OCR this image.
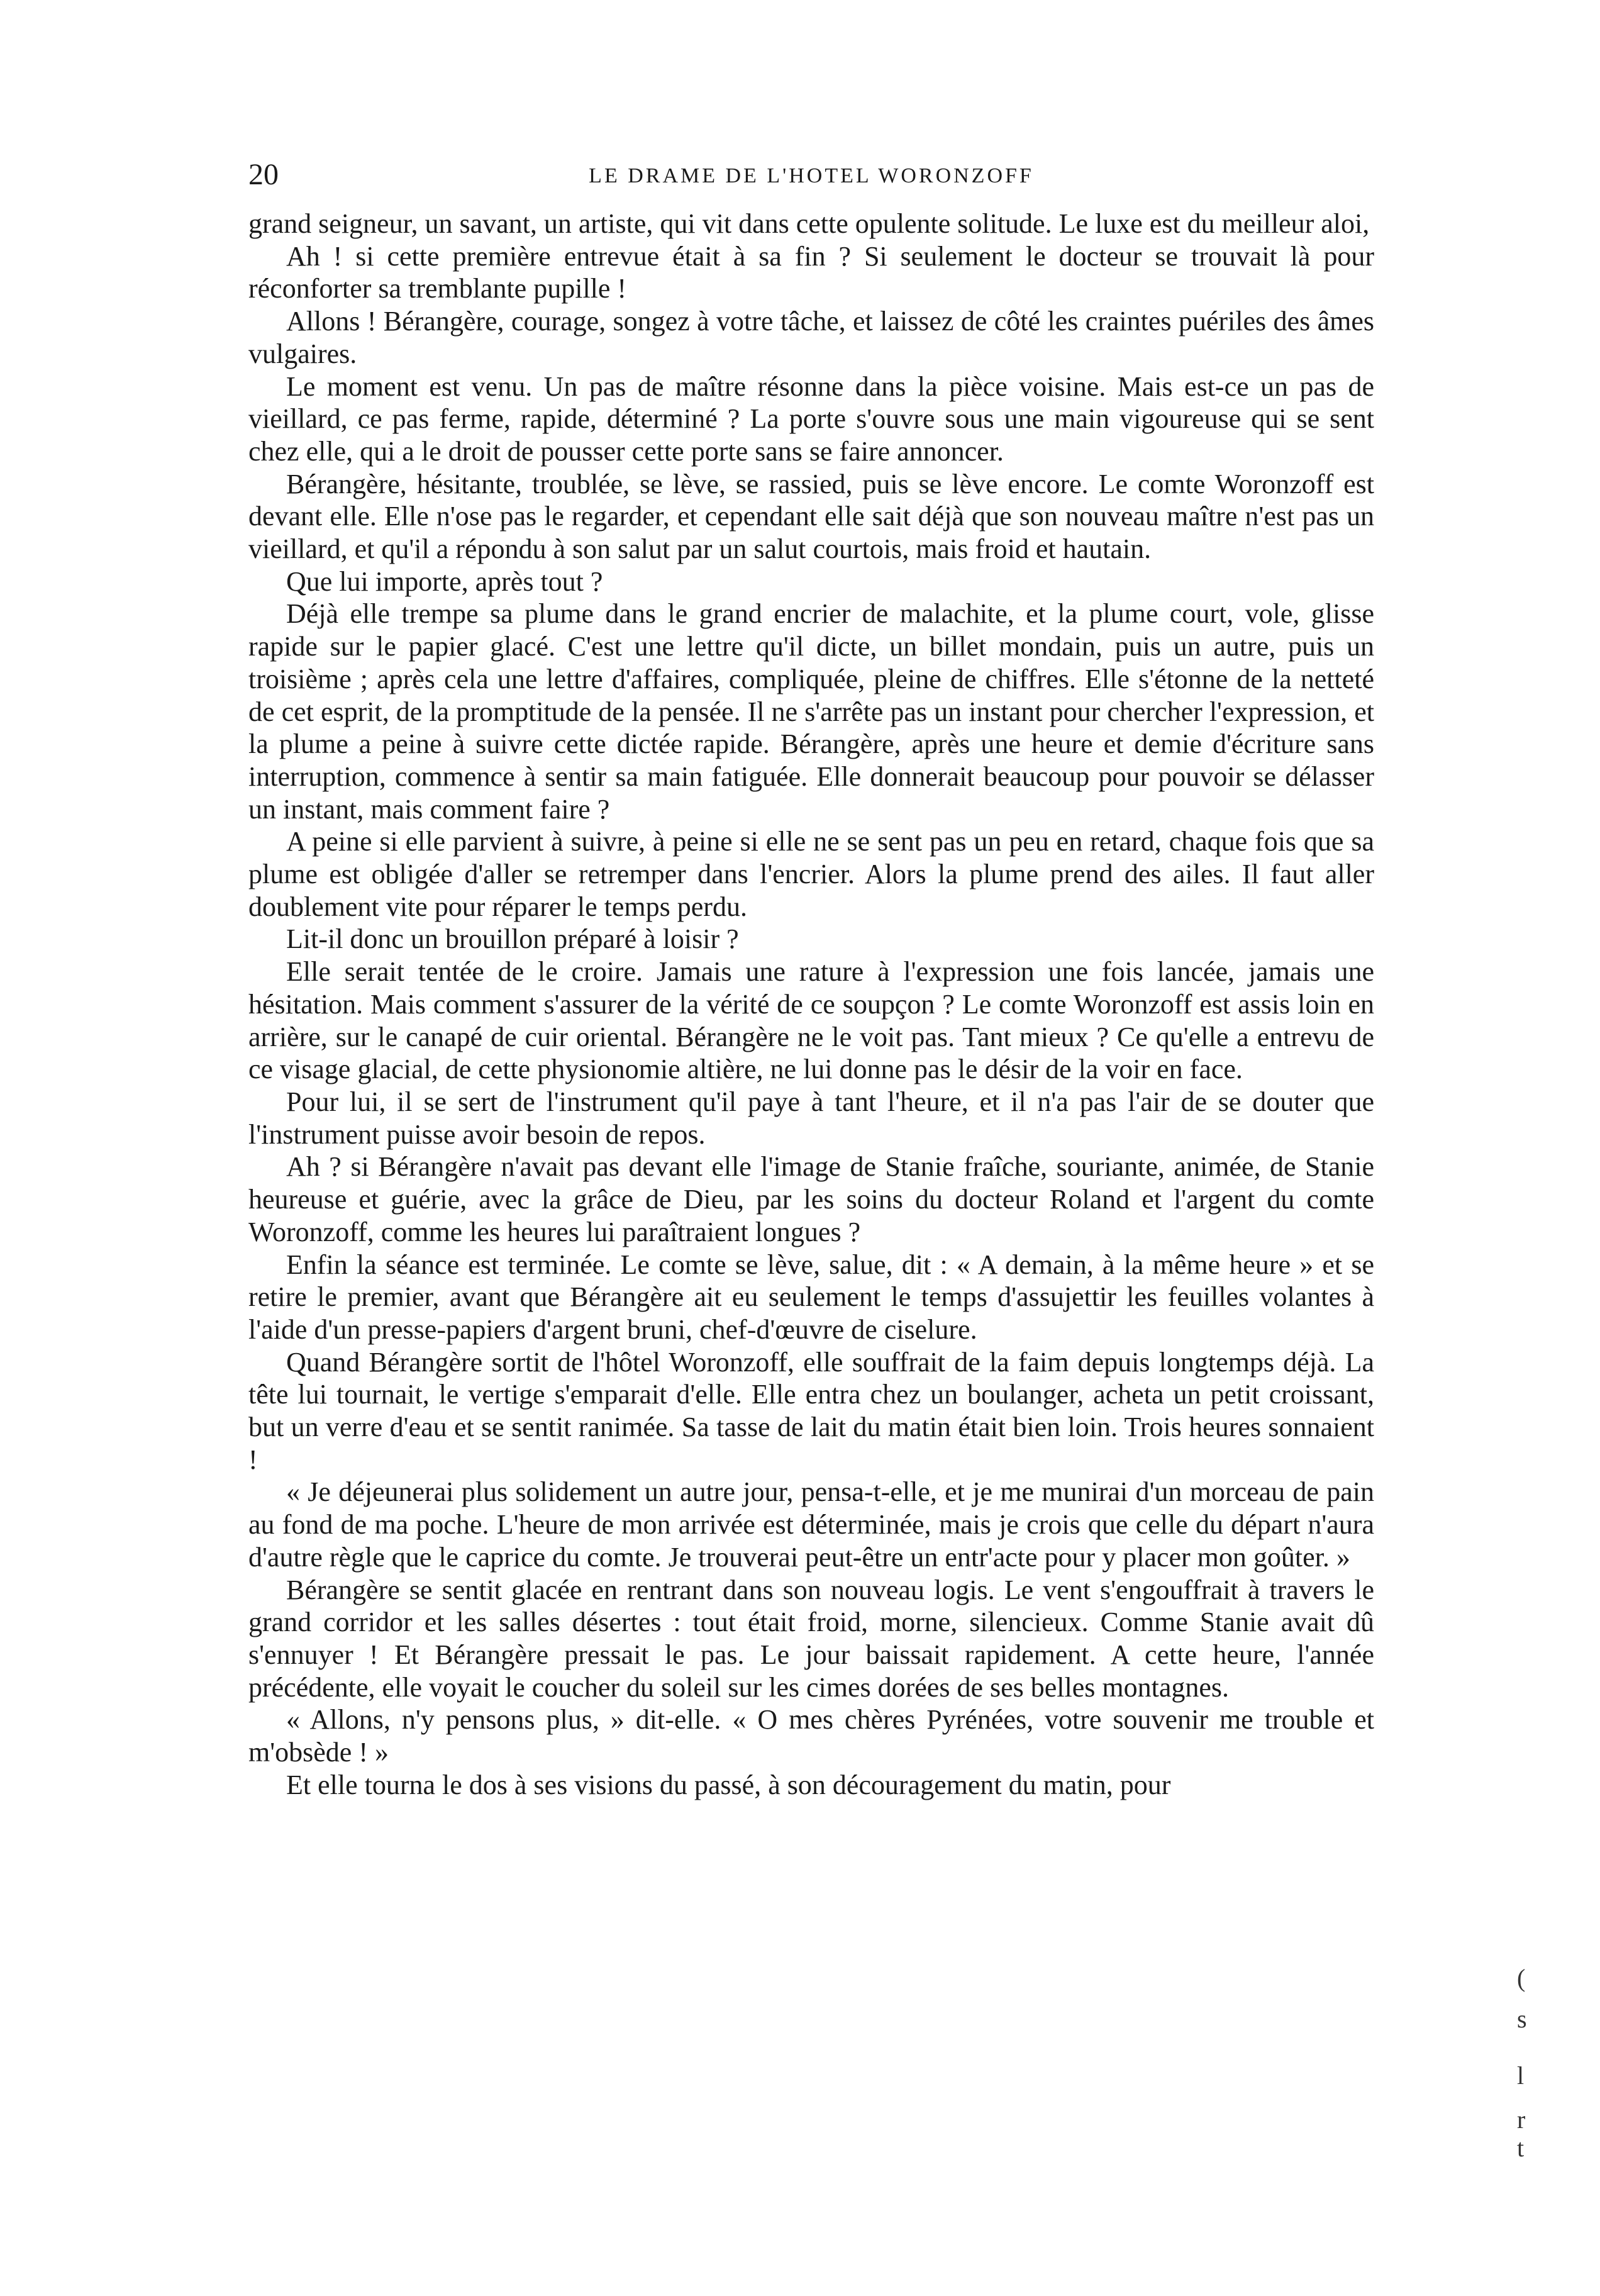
20	LE DRAME DE L'HOTEL WORONZOFF

grand seigneur, un savant, un artiste, qui vit dans cette opulente solitude. Le luxe est du meilleur aloi,

Ah ! si cette première entrevue était à sa fin ? Si seulement le docteur se trouvait là pour réconforter sa tremblante pupille !

Allons ! Bérangère, courage, songez à votre tâche, et laissez de côté les craintes puériles des âmes vulgaires.

Le moment est venu. Un pas de maître résonne dans la pièce voisine. Mais est-ce un pas de vieillard, ce pas ferme, rapide, déterminé ? La porte s'ouvre sous une main vigoureuse qui se sent chez elle, qui a le droit de pousser cette porte sans se faire annoncer.

Bérangère, hésitante, troublée, se lève, se rassied, puis se lève encore. Le comte Woronzoff est devant elle. Elle n'ose pas le regarder, et cependant elle sait déjà que son nouveau maître n'est pas un vieillard, et qu'il a répondu à son salut par un salut courtois, mais froid et hautain.

Que lui importe, après tout ?

Déjà elle trempe sa plume dans le grand encrier de malachite, et la plume court, vole, glisse rapide sur le papier glacé. C'est une lettre qu'il dicte, un billet mondain, puis un autre, puis un troisième ; après cela une lettre d'affaires, compliquée, pleine de chiffres. Elle s'étonne de la netteté de cet esprit, de la promptitude de la pensée. Il ne s'arrête pas un instant pour chercher l'expression, et la plume a peine à suivre cette dictée rapide. Bérangère, après une heure et demie d'écriture sans interruption, commence à sentir sa main fatiguée. Elle donnerait beaucoup pour pouvoir se délasser un instant, mais comment faire ?

A peine si elle parvient à suivre, à peine si elle ne se sent pas un peu en retard, chaque fois que sa plume est obligée d'aller se retremper dans l'encrier. Alors la plume prend des ailes. Il faut aller doublement vite pour réparer le temps perdu.

Lit-il donc un brouillon préparé à loisir ?

Elle serait tentée de le croire. Jamais une rature à l'expression une fois lancée, jamais une hésitation. Mais comment s'assurer de la vérité de ce soupçon ? Le comte Woronzoff est assis loin en arrière, sur le canapé de cuir oriental. Bérangère ne le voit pas. Tant mieux ? Ce qu'elle a entrevu de ce visage glacial, de cette physionomie altière, ne lui donne pas le désir de la voir en face.

Pour lui, il se sert de l'instrument qu'il paye à tant l'heure, et il n'a pas l'air de se douter que l'instrument puisse avoir besoin de repos.

Ah ? si Bérangère n'avait pas devant elle l'image de Stanie fraîche, souriante, animée, de Stanie heureuse et guérie, avec la grâce de Dieu, par les soins du docteur Roland et l'argent du comte Woronzoff, comme les heures lui paraîtraient longues ?

Enfin la séance est terminée. Le comte se lève, salue, dit : « A demain, à la même heure » et se retire le premier, avant que Bérangère ait eu seulement le temps d'assujettir les feuilles volantes à l'aide d'un presse-papiers d'argent bruni, chef-d'œuvre de ciselure.

Quand Bérangère sortit de l'hôtel Woronzoff, elle souffrait de la faim depuis longtemps déjà. La tête lui tournait, le vertige s'emparait d'elle. Elle entra chez un boulanger, acheta un petit croissant, but un verre d'eau et se sentit ranimée. Sa tasse de lait du matin était bien loin. Trois heures sonnaient !

« Je déjeunerai plus solidement un autre jour, pensa-t-elle, et je me munirai d'un morceau de pain au fond de ma poche. L'heure de mon arrivée est déterminée, mais je crois que celle du départ n'aura d'autre règle que le caprice du comte. Je trouverai peut-être un entr'acte pour y placer mon goûter. »

Bérangère se sentit glacée en rentrant dans son nouveau logis. Le vent s'engouffrait à travers le grand corridor et les salles désertes : tout était froid, morne, silencieux. Comme Stanie avait dû s'ennuyer ! Et Bérangère pressait le pas. Le jour baissait rapidement. A cette heure, l'année précédente, elle voyait le coucher du soleil sur les cimes dorées de ses belles montagnes.

« Allons, n'y pensons plus, » dit-elle. « O mes chères Pyrénées, votre souvenir me trouble et m'obsède ! »

Et elle tourna le dos à ses visions du passé, à son découragement du matin, pour

(
s
l
r
t
